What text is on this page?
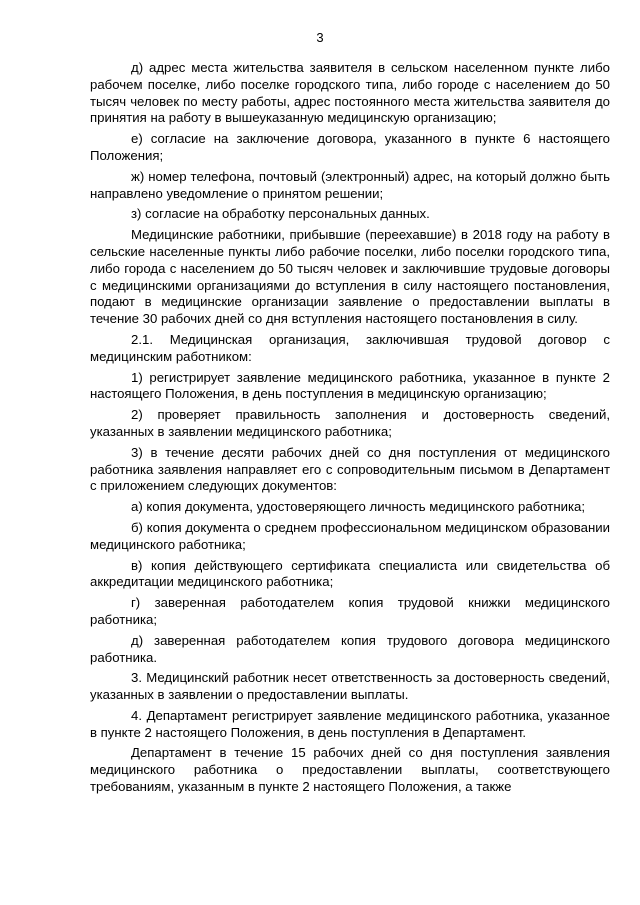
3

д) адрес места жительства заявителя в сельском населенном пункте либо рабочем поселке, либо поселке городского типа, либо городе с населением до 50 тысяч человек по месту работы, адрес постоянного места жительства заявителя до принятия на работу в вышеуказанную медицинскую организацию;

е) согласие на заключение договора, указанного в пункте 6 настоящего Положения;

ж) номер телефона, почтовый (электронный) адрес, на который должно быть направлено уведомление о принятом решении;

з) согласие на обработку персональных данных.

Медицинские работники, прибывшие (переехавшие) в 2018 году на работу в сельские населенные пункты либо рабочие поселки, либо поселки городского типа, либо города с населением до 50 тысяч человек и заключившие трудовые договоры с медицинскими организациями до вступления в силу настоящего постановления, подают в медицинские организации заявление о предоставлении выплаты в течение 30 рабочих дней со дня вступления настоящего постановления в силу.

2.1. Медицинская организация, заключившая трудовой договор с медицинским работником:

1) регистрирует заявление медицинского работника, указанное в пункте 2 настоящего Положения, в день поступления в медицинскую организацию;

2) проверяет правильность заполнения и достоверность сведений, указанных в заявлении медицинского работника;

3) в течение десяти рабочих дней со дня поступления от медицинского работника заявления направляет его с сопроводительным письмом в Департамент с приложением следующих документов:

а) копия документа, удостоверяющего личность медицинского работника;

б) копия документа о среднем профессиональном медицинском образовании медицинского работника;

в) копия действующего сертификата специалиста или свидетельства об аккредитации медицинского работника;

г) заверенная работодателем копия трудовой книжки медицинского работника;

д) заверенная работодателем копия трудового договора медицинского работника.

3. Медицинский работник несет ответственность за достоверность сведений, указанных в заявлении о предоставлении выплаты.

4. Департамент регистрирует заявление медицинского работника, указанное в пункте 2 настоящего Положения, в день поступления в Департамент.

Департамент в течение 15 рабочих дней со дня поступления заявления медицинского работника о предоставлении выплаты, соответствующего требованиям, указанным в пункте 2 настоящего Положения, а также
